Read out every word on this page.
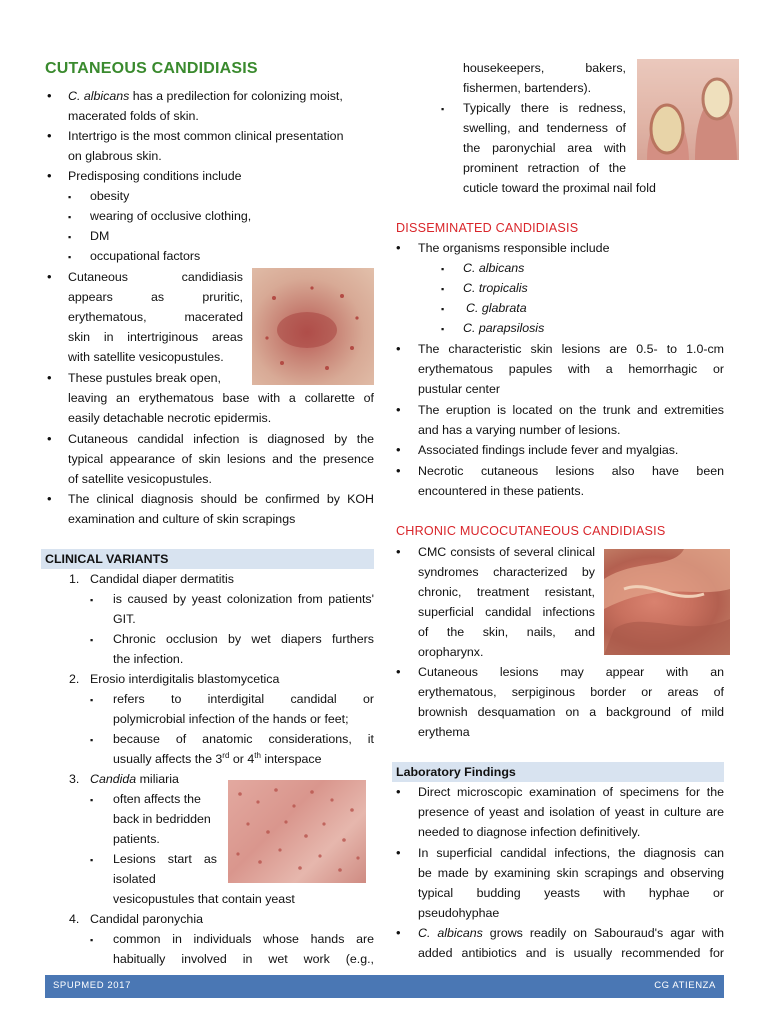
CUTANEOUS CANDIDIASIS
• C. albicans has a predilection for colonizing moist,
macerated folds of skin.
• Intertrigo is the most common clinical presentation
on glabrous skin.
• Predisposing conditions include
▪ obesity
▪ wearing of occlusive clothing,
▪ DM
▪ occupational factors
• Cutaneous candidiasis
appears as pruritic,
erythematous, macerated
skin in intertriginous areas
with satellite vesicopustules.
• These pustules break open,
leaving an erythematous base with a collarette of
easily detachable necrotic epidermis.
• Cutaneous candidal infection is diagnosed by the
typical appearance of skin lesions and the presence
of satellite vesicopustules.
• The clinical diagnosis should be confirmed by KOH
examination and culture of skin scrapings
CLINICAL VARIANTS
1. Candidal diaper dermatitis
▪ is caused by yeast colonization from patients'
GIT.
▪ Chronic occlusion by wet diapers furthers
the infection.
2. Erosio interdigitalis blastomycetica
▪ refers to interdigital candidal or
polymicrobial infection of the hands or feet;
▪ because of anatomic considerations, it
usually affects the 3rd or 4th interspace
3. Candida miliaria
▪ often affects the
back in bedridden
patients.
▪ Lesions start as
isolated
vesicopustules that contain yeast
4. Candidal paronychia
▪ common in individuals whose hands are
habitually involved in wet work (e.g.,
housekeepers, bakers,
fishermen, bartenders).
▪ Typically there is redness,
swelling, and tenderness of
the paronychial area with
prominent retraction of the
cuticle toward the proximal nail fold
DISSEMINATED CANDIDIASIS
• The organisms responsible include
▪ C. albicans
▪ C. tropicalis
▪ C. glabrata
▪ C. parapsilosis
• The characteristic skin lesions are 0.5- to 1.0-cm
erythematous papules with a hemorrhagic or
pustular center
• The eruption is located on the trunk and extremities
and has a varying number of lesions.
• Associated findings include fever and myalgias.
• Necrotic cutaneous lesions also have been
encountered in these patients.
CHRONIC MUCOCUTANEOUS CANDIDIASIS
• CMC consists of several clinical
syndromes characterized by
chronic, treatment resistant,
superficial candidal infections
of the skin, nails, and
oropharynx.
• Cutaneous lesions may appear with an
erythematous, serpiginous border or areas of
brownish desquamation on a background of mild
erythema
Laboratory Findings
• Direct microscopic examination of specimens for the
presence of yeast and isolation of yeast in culture are
needed to diagnose infection definitively.
• In superficial candidal infections, the diagnosis can
be made by examining skin scrapings and observing
typical budding yeasts with hyphae or
pseudohyphae
• C. albicans grows readily on Sabouraud's agar with
added antibiotics and is usually recommended for
SPUPMED 2017	CG ATIENZA
